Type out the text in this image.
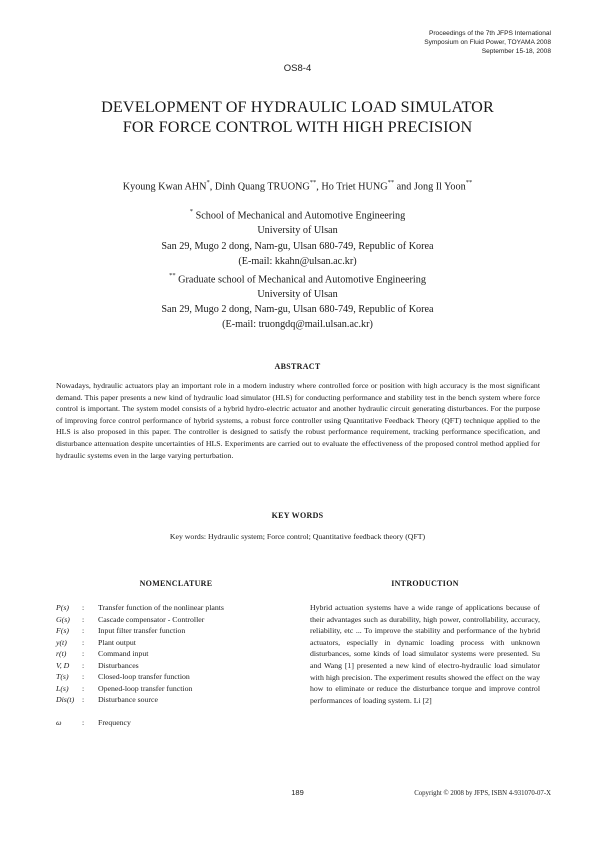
Proceedings of the 7th JFPS International
Symposium on Fluid Power, TOYAMA 2008
September 15-18, 2008
OS8-4
DEVELOPMENT OF HYDRAULIC LOAD SIMULATOR
FOR FORCE CONTROL WITH HIGH PRECISION
Kyoung Kwan AHN*, Dinh Quang TRUONG**, Ho Triet HUNG** and Jong Il Yoon**
* School of Mechanical and Automotive Engineering
University of Ulsan
San 29, Mugo 2 dong, Nam-gu, Ulsan 680-749, Republic of Korea
(E-mail: kkahn@ulsan.ac.kr)
** Graduate school of Mechanical and Automotive Engineering
University of Ulsan
San 29, Mugo 2 dong, Nam-gu, Ulsan 680-749, Republic of Korea
(E-mail: truongdq@mail.ulsan.ac.kr)
ABSTRACT
Nowadays, hydraulic actuators play an important role in a modern industry where controlled force or position with high accuracy is the most significant demand. This paper presents a new kind of hydraulic load simulator (HLS) for conducting performance and stability test in the bench system where force control is important. The system model consists of a hybrid hydro-electric actuator and another hydraulic circuit generating disturbances. For the purpose of improving force control performance of hybrid systems, a robust force controller using Quantitative Feedback Theory (QFT) technique applied to the HLS is also proposed in this paper. The controller is designed to satisfy the robust performance requirement, tracking performance specification, and disturbance attenuation despite uncertainties of HLS. Experiments are carried out to evaluate the effectiveness of the proposed control method applied for hydraulic systems even in the large varying perturbation.
KEY WORDS
Key words: Hydraulic system; Force control; Quantitative feedback theory (QFT)
NOMENCLATURE	INTRODUCTION
P(s)	:	Transfer function of the nonlinear plants
G(s)	:	Cascade compensator - Controller
F(s)	:	Input filter transfer function
y(t)	:	Plant output
r(t)	:	Command input
V, D	:	Disturbances
T(s)	:	Closed-loop transfer function
L(s)	:	Opened-loop transfer function
Dis(t) :	Disturbance source
ω	:	Frequency
Hybrid actuation systems have a wide range of applications because of their advantages such as durability, high power, controllability, accuracy, reliability, etc ... To improve the stability and performance of the hybrid actuators, especially in dynamic loading process with unknown disturbances, some kinds of load simulator systems were presented. Su and Wang [1] presented a new kind of electro-hydraulic load simulator with high precision. The experiment results showed the effect on the way how to eliminate or reduce the disturbance torque and improve control performances of loading system. Li [2]
189	Copyright © 2008 by JFPS, ISBN 4-931070-07-X
